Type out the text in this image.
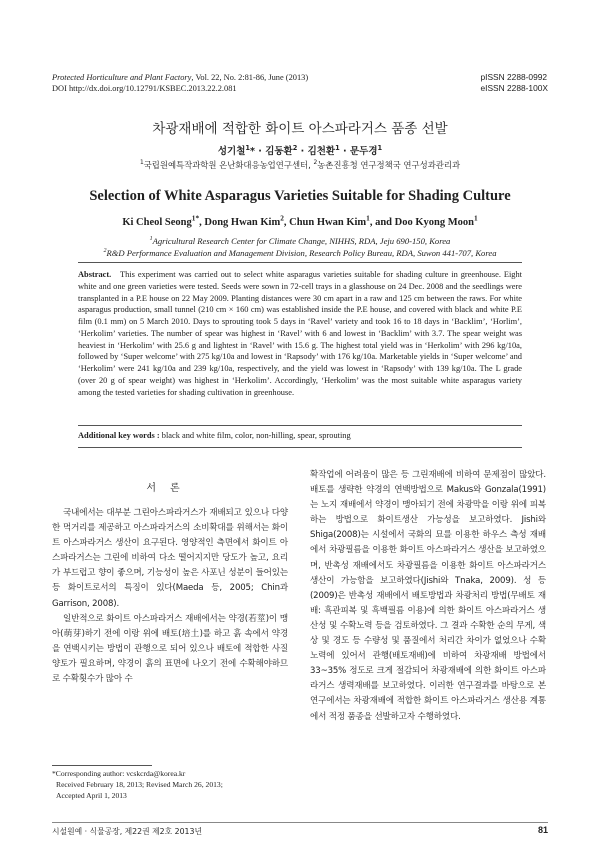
Protected Horticulture and Plant Factory, Vol. 22, No. 2:81-86, June (2013)
DOI http://dx.doi.org/10.12791/KSBEC.2013.22.2.081
pISSN 2288-0992
eISSN 2288-100X
차광재배에 적합한 화이트 아스파라거스 품종 선발
성기철$^1$* · 김동환$^2$ · 김천환$^1$ · 문두경$^1$
$^1$국립원예특작과학원 온난화대응농업연구센터, $^2$농촌진흥청 연구정책국 연구성과관리과
Selection of White Asparagus Varieties Suitable for Shading Culture
Ki Cheol Seong$^{1*}$, Dong Hwan Kim$^2$, Chun Hwan Kim$^1$, and Doo Kyong Moon$^1$
$^1$Agricultural Research Center for Climate Change, NIHHS, RDA, Jeju 690-150, Korea
$^2$R&D Performance Evaluation and Management Division, Research Policy Bureau, RDA, Suwon 441-707, Korea
Abstract. This experiment was carried out to select white asparagus varieties suitable for shading culture in greenhouse. Eight white and one green varieties were tested. Seeds were sown in 72-cell trays in a glasshouse on 24 Dec. 2008 and the seedlings were transplanted in a P.E house on 22 May 2009. Planting distances were 30 cm apart in a raw and 125 cm between the raws. For white asparagus production, small tunnel (210 cm × 160 cm) was established inside the P.E house, and covered with black and white P.E film (0.1 mm) on 5 March 2010. Days to sprouting took 5 days in ‘Ravel’ variety and took 16 to 18 days in ‘Backlim’, ‘Horlim’, ‘Herkolim’ varieties. The number of spear was highest in ‘Ravel’ with 6 and lowest in ‘Backlim’ with 3.7. The spear weight was heaviest in ‘Herkolim’ with 25.6 g and lightest in ‘Ravel’ with 15.6 g. The highest total yield was in ‘Herkolim’ with 296 kg/10a, followed by ‘Super welcome’ with 275 kg/10a and lowest in ‘Rapsody’ with 176 kg/10a. Marketable yields in ‘Super welcome’ and ‘Herkolim’ were 241 kg/10a and 239 kg/10a, respectively, and the yield was lowest in ‘Rapsody’ with 139 kg/10a. The L grade (over 20 g of spear weight) was highest in ‘Herkolim’. Accordingly, ‘Herkolim’ was the most suitable white asparagus variety among the tested varieties for shading cultivation in greenhouse.
Additional key words : black and white film, color, non-hilling, spear, sprouting
서론

국내에서는 대부분 그린아스파라거스가 재배되고 있으나 다양한 먹거리를 제공하고 아스파라거스의 소비확대를 위해서는 화이트 아스파라거스 생산이 요구된다. 영양적인 측면에서 화이트 아스파라거스는 그린에 비하여 다소 떨어지지만 당도가 높고, 요리가 부드럽고 향이 좋으며, 기능성이 높은 사포닌 성분이 들어있는 등 화이트로서의 특징이 있다(Maeda 등, 2005; Chin과 Garrison, 2008).

일반적으로 화이트 아스파라거스 재배에서는 약경(若莖)이 맹아(萌芽)하기 전에 이랑 위에 배토(培土)를 하고 흙 속에서 약경을 연백시키는 방법이 관행으로 되어 있으나 배토에 적합한 사질양토가 필요하며, 약경이 흙의 표면에 나오기 전에 수확해야하므로 수확횟수가 많아 수

확작업에 어려움이 많은 등 그린재배에 비하여 문제점이 많았다. 배토를 생략한 약경의 연백방법으로 Makus와 Gonzala(1991)는 노지 재배에서 약경이 맹아되기 전에 차광막을 이랑 위에 피복하는 방법으로 화이트생산 가능성을 보고하였다. Jishi와 Shiga(2008)는 시설에서 국화의 묘를 이용한 하우스 측성 재배에서 차광필름을 이용한 화이트 아스파라거스 생산을 보고하였으며, 반촉성 재배에서도 차광필름을 이용한 화이트 아스파라거스 생산이 가능함을 보고하였다(Jishi와 Tnaka, 2009). 성 등(2009)은 반촉성 재배에서 배토방법과 차광처리 방법(무배토 재배: 흑관피복 및 흑백필름 이용)에 의한 화이트 아스파라거스 생산성 및 수확노력 등을 검토하였다. 그 결과 수확한 순의 무게, 색상 및 경도 등 수량성 및 품질에서 처리간 차이가 없었으나 수확노력에 있어서 관행(배토재배)에 비하여 차광재배 방법에서 33~35% 정도로 크게 절감되어 차광재배에 의한 화이트 아스파라거스 생력재배를 보고하였다. 이러한 연구결과를 바탕으로 본 연구에서는 차광재배에 적합한 화이트 아스파라거스 생산용 계통에서 적정 품종을 선발하고자 수행하였다.

*Corresponding author: vcskcrda@korea.kr
Received February 18, 2013; Revised March 26, 2013;
Accepted April 1, 2013
시설원예 · 식물공장, 제22권 제2호 2013년	81
